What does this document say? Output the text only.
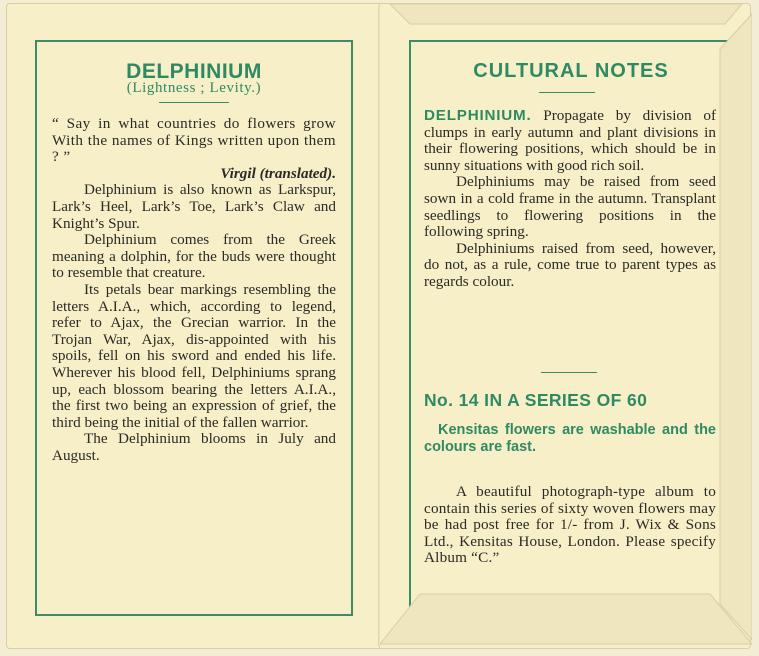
DELPHINIUM
(Lightness ; Levity.)

“ Say in what countries do flowers grow With the names of Kings written upon them ? ”

Virgil (translated).

Delphinium is also known as Larkspur, Lark’s Heel, Lark’s Toe, Lark’s Claw and Knight’s Spur.

Delphinium comes from the Greek meaning a dolphin, for the buds were thought to resemble that creature.

Its petals bear markings resembling the letters A.I.A., which, according to legend, refer to Ajax, the Grecian warrior. In the Trojan War, Ajax, dis-appointed with his spoils, fell on his sword and ended his life. Wherever his blood fell, Delphiniums sprang up, each blossom bearing the letters A.I.A., the first two being an expression of grief, the third being the initial of the fallen warrior.

The Delphinium blooms in July and August.

CULTURAL NOTES

DELPHINIUM. Propagate by division of clumps in early autumn and plant divisions in their flowering positions, which should be in sunny situations with good rich soil.

Delphiniums may be raised from seed sown in a cold frame in the autumn. Transplant seedlings to flowering positions in the following spring.

Delphiniums raised from seed, however, do not, as a rule, come true to parent types as regards colour.

No. 14 IN A SERIES OF 60
Kensitas flowers are washable and the colours are fast.
A beautiful photograph-type album to contain this series of sixty woven flowers may be had post free for 1/- from J. Wix & Sons Ltd., Kensitas House, London. Please specify Album “C.”
